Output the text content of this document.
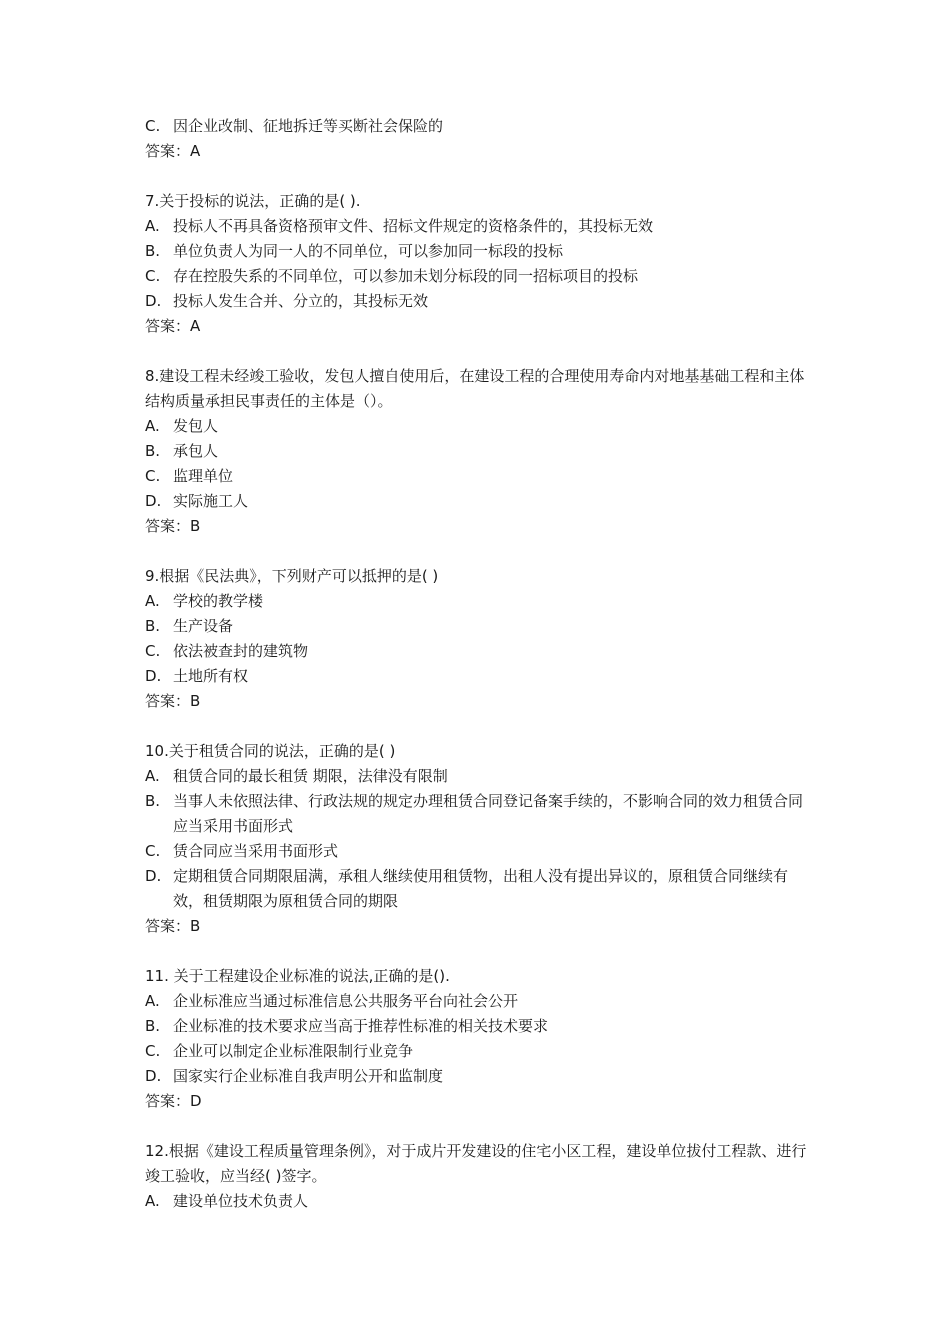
C. 因企业改制、征地拆迁等买断社会保险的
答案：A
7.关于投标的说法，正确的是( ).
A. 投标人不再具备资格预审文件、招标文件规定的资格条件的，其投标无效
B. 单位负责人为同一人的不同单位，可以参加同一标段的投标
C. 存在控股失系的不同单位，可以参加未划分标段的同一招标项目的投标
D. 投标人发生合并、分立的，其投标无效
答案：A
8.建设工程未经竣工验收，发包人擅自使用后，在建设工程的合理使用寿命内对地基基础工程和主体结构质量承担民事责任的主体是（）。
A. 发包人
B. 承包人
C. 监理单位
D. 实际施工人
答案：B
9.根据《民法典》，下列财产可以抵押的是( )
A. 学校的教学楼
B. 生产设备
C. 依法被查封的建筑物
D. 土地所有权
答案：B
10.关于租赁合同的说法，正确的是( )
A. 租赁合同的最长租赁 期限，法律没有限制
B. 当事人未依照法律、行政法规的规定办理租赁合同登记备案手续的，不影响合同的效力租赁合同应当采用书面形式
C. 赁合同应当采用书面形式
D. 定期租赁合同期限届满，承租人继续使用租赁物，出租人没有提出异议的，原租赁合同继续有效，租赁期限为原租赁合同的期限
答案：B
11. 关于工程建设企业标准的说法,正确的是().
A. 企业标准应当通过标准信息公共服务平台向社会公开
B. 企业标准的技术要求应当高于推荐性标准的相关技术要求
C. 企业可以制定企业标准限制行业竞争
D. 国家实行企业标准自我声明公开和监制度
答案：D
12.根据《建设工程质量管理条例》，对于成片开发建设的住宅小区工程，建设单位拔付工程款、进行竣工验收，应当经( )签字。
A. 建设单位技术负责人
